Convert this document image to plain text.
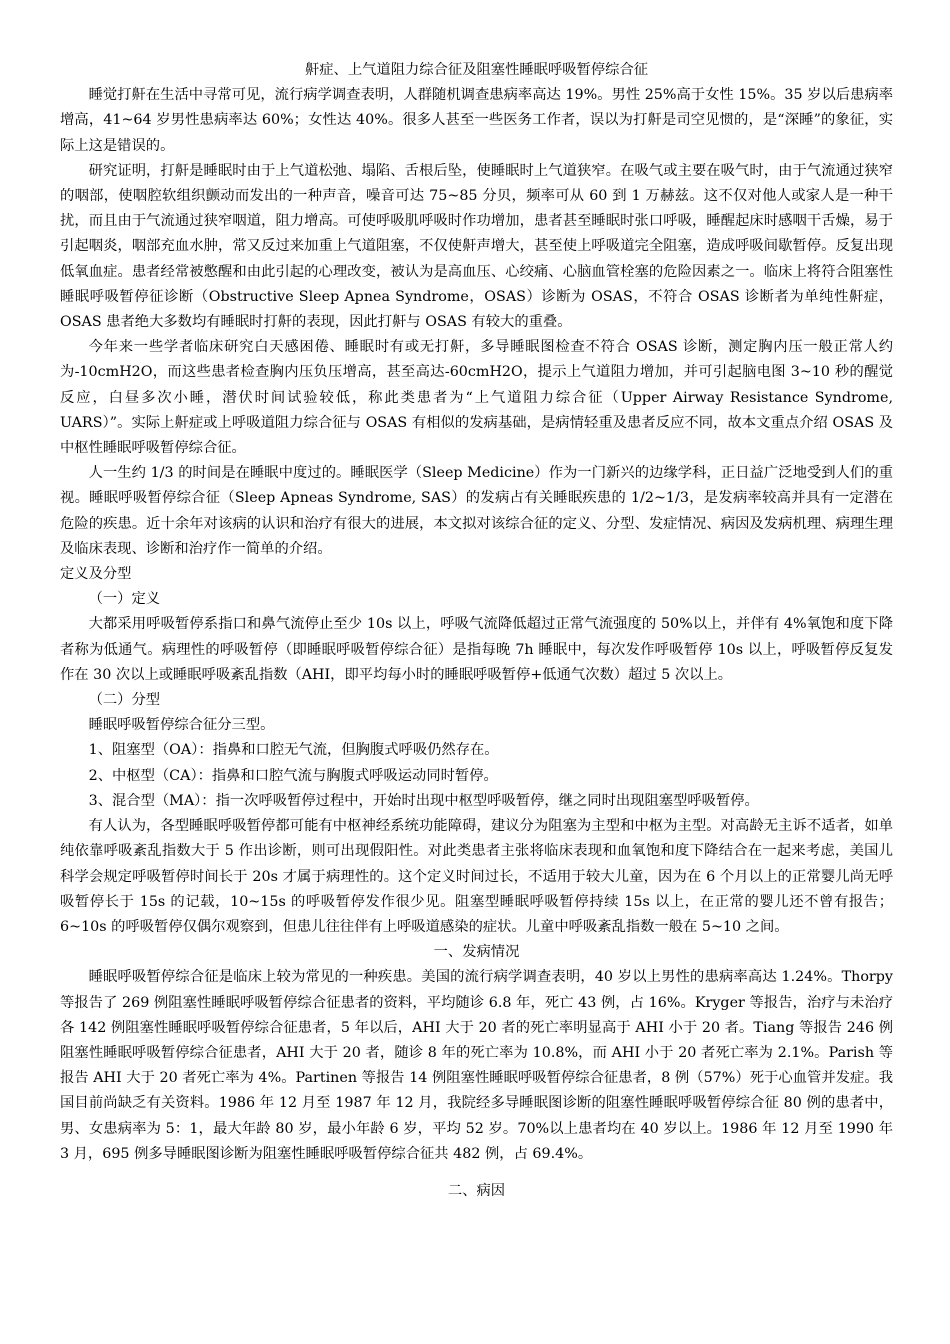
鼾症、上气道阻力综合征及阻塞性睡眠呼吸暂停综合征

睡觉打鼾在生活中寻常可见，流行病学调查表明，人群随机调查患病率高达 19%。男性 25%高于女性 15%。35 岁以后患病率增高，41~64 岁男性患病率达 60%；女性达 40%。很多人甚至一些医务工作者，误以为打鼾是司空见惯的，是“深睡”的象征，实际上这是错误的。

研究证明，打鼾是睡眠时由于上气道松弛、塌陷、舌根后坠，使睡眠时上气道狭窄。在吸气或主要在吸气时，由于气流通过狭窄的咽部，使咽腔软组织颤动而发出的一种声音，噪音可达 75~85 分贝，频率可从 60 到 1 万赫兹。这不仅对他人或家人是一种干扰，而且由于气流通过狭窄咽道，阻力增高。可使呼吸肌呼吸时作功增加，患者甚至睡眠时张口呼吸，睡醒起床时感咽干舌燥，易于引起咽炎，咽部充血水肿，常又反过来加重上气道阻塞，不仅使鼾声增大，甚至使上呼吸道完全阻塞，造成呼吸间歇暂停。反复出现低氧血症。患者经常被憋醒和由此引起的心理改变，被认为是高血压、心绞痛、心脑血管栓塞的危险因素之一。临床上将符合阻塞性睡眠呼吸暂停征诊断（Obstructive Sleep Apnea Syndrome，OSAS）诊断为 OSAS，不符合 OSAS 诊断者为单纯性鼾症，OSAS 患者绝大多数均有睡眠时打鼾的表现，因此打鼾与 OSAS 有较大的重叠。

今年来一些学者临床研究白天感困倦、睡眠时有或无打鼾，多导睡眠图检查不符合 OSAS 诊断，测定胸内压一般正常人约为-10cmH2O，而这些患者检查胸内压负压增高，甚至高达-60cmH2O，提示上气道阻力增加，并可引起脑电图 3~10 秒的醒觉反应，白昼多次小睡，潜伏时间试验较低，称此类患者为“上气道阻力综合征（Upper Airway Resistance Syndrome, UARS）”。实际上鼾症或上呼吸道阻力综合征与 OSAS 有相似的发病基础，是病情轻重及患者反应不同，故本文重点介绍 OSAS 及中枢性睡眠呼吸暂停综合征。

人一生约 1/3 的时间是在睡眠中度过的。睡眠医学（Sleep Medicine）作为一门新兴的边缘学科，正日益广泛地受到人们的重视。睡眠呼吸暂停综合征（Sleep Apneas Syndrome, SAS）的发病占有关睡眠疾患的 1/2~1/3，是发病率较高并具有一定潜在危险的疾患。近十余年对该病的认识和治疗有很大的进展，本文拟对该综合征的定义、分型、发症情况、病因及发病机理、病理生理及临床表现、诊断和治疗作一简单的介绍。

定义及分型

（一）定义

大都采用呼吸暂停系指口和鼻气流停止至少 10s 以上，呼吸气流降低超过正常气流强度的 50%以上，并伴有 4%氧饱和度下降者称为低通气。病理性的呼吸暂停（即睡眠呼吸暂停综合征）是指每晚 7h 睡眠中，每次发作呼吸暂停 10s 以上，呼吸暂停反复发作在 30 次以上或睡眠呼吸紊乱指数（AHI，即平均每小时的睡眠呼吸暂停+低通气次数）超过 5 次以上。

（二）分型

睡眠呼吸暂停综合征分三型。

1、阻塞型（OA）：指鼻和口腔无气流，但胸腹式呼吸仍然存在。

2、中枢型（CA）：指鼻和口腔气流与胸腹式呼吸运动同时暂停。

3、混合型（MA）：指一次呼吸暂停过程中，开始时出现中枢型呼吸暂停，继之同时出现阻塞型呼吸暂停。

有人认为，各型睡眠呼吸暂停都可能有中枢神经系统功能障碍，建议分为阻塞为主型和中枢为主型。对高龄无主诉不适者，如单纯依靠呼吸紊乱指数大于 5 作出诊断，则可出现假阳性。对此类患者主张将临床表现和血氧饱和度下降结合在一起来考虑，美国儿科学会规定呼吸暂停时间长于 20s 才属于病理性的。这个定义时间过长，不适用于较大儿童，因为在 6 个月以上的正常婴儿尚无呼吸暂停长于 15s 的记载，10~15s 的呼吸暂停发作很少见。阻塞型睡眠呼吸暂停持续 15s 以上，在正常的婴儿还不曾有报告；6~10s 的呼吸暂停仅偶尔观察到，但患儿往往伴有上呼吸道感染的症状。儿童中呼吸紊乱指数一般在 5~10 之间。

一、发病情况

睡眠呼吸暂停综合征是临床上较为常见的一种疾患。美国的流行病学调查表明，40 岁以上男性的患病率高达 1.24%。Thorpy 等报告了 269 例阻塞性睡眠呼吸暂停综合征患者的资料，平均随诊 6.8 年，死亡 43 例，占 16%。Kryger 等报告，治疗与未治疗各 142 例阻塞性睡眠呼吸暂停综合征患者，5 年以后，AHI 大于 20 者的死亡率明显高于 AHI 小于 20 者。Tiang 等报告 246 例阻塞性睡眠呼吸暂停综合征患者，AHI 大于 20 者，随诊 8 年的死亡率为 10.8%，而 AHI 小于 20 者死亡率为 2.1%。Parish 等报告 AHI 大于 20 者死亡率为 4%。Partinen 等报告 14 例阻塞性睡眠呼吸暂停综合征患者，8 例（57%）死于心血管并发症。我国目前尚缺乏有关资料。1986 年 12 月至 1987 年 12 月，我院经多导睡眠图诊断的阻塞性睡眠呼吸暂停综合征 80 例的患者中，男、女患病率为 5：1，最大年龄 80 岁，最小年龄 6 岁，平均 52 岁。70%以上患者均在 40 岁以上。1986 年 12 月至 1990 年 3 月，695 例多导睡眠图诊断为阻塞性睡眠呼吸暂停综合征共 482 例，占 69.4%。

二、病因
